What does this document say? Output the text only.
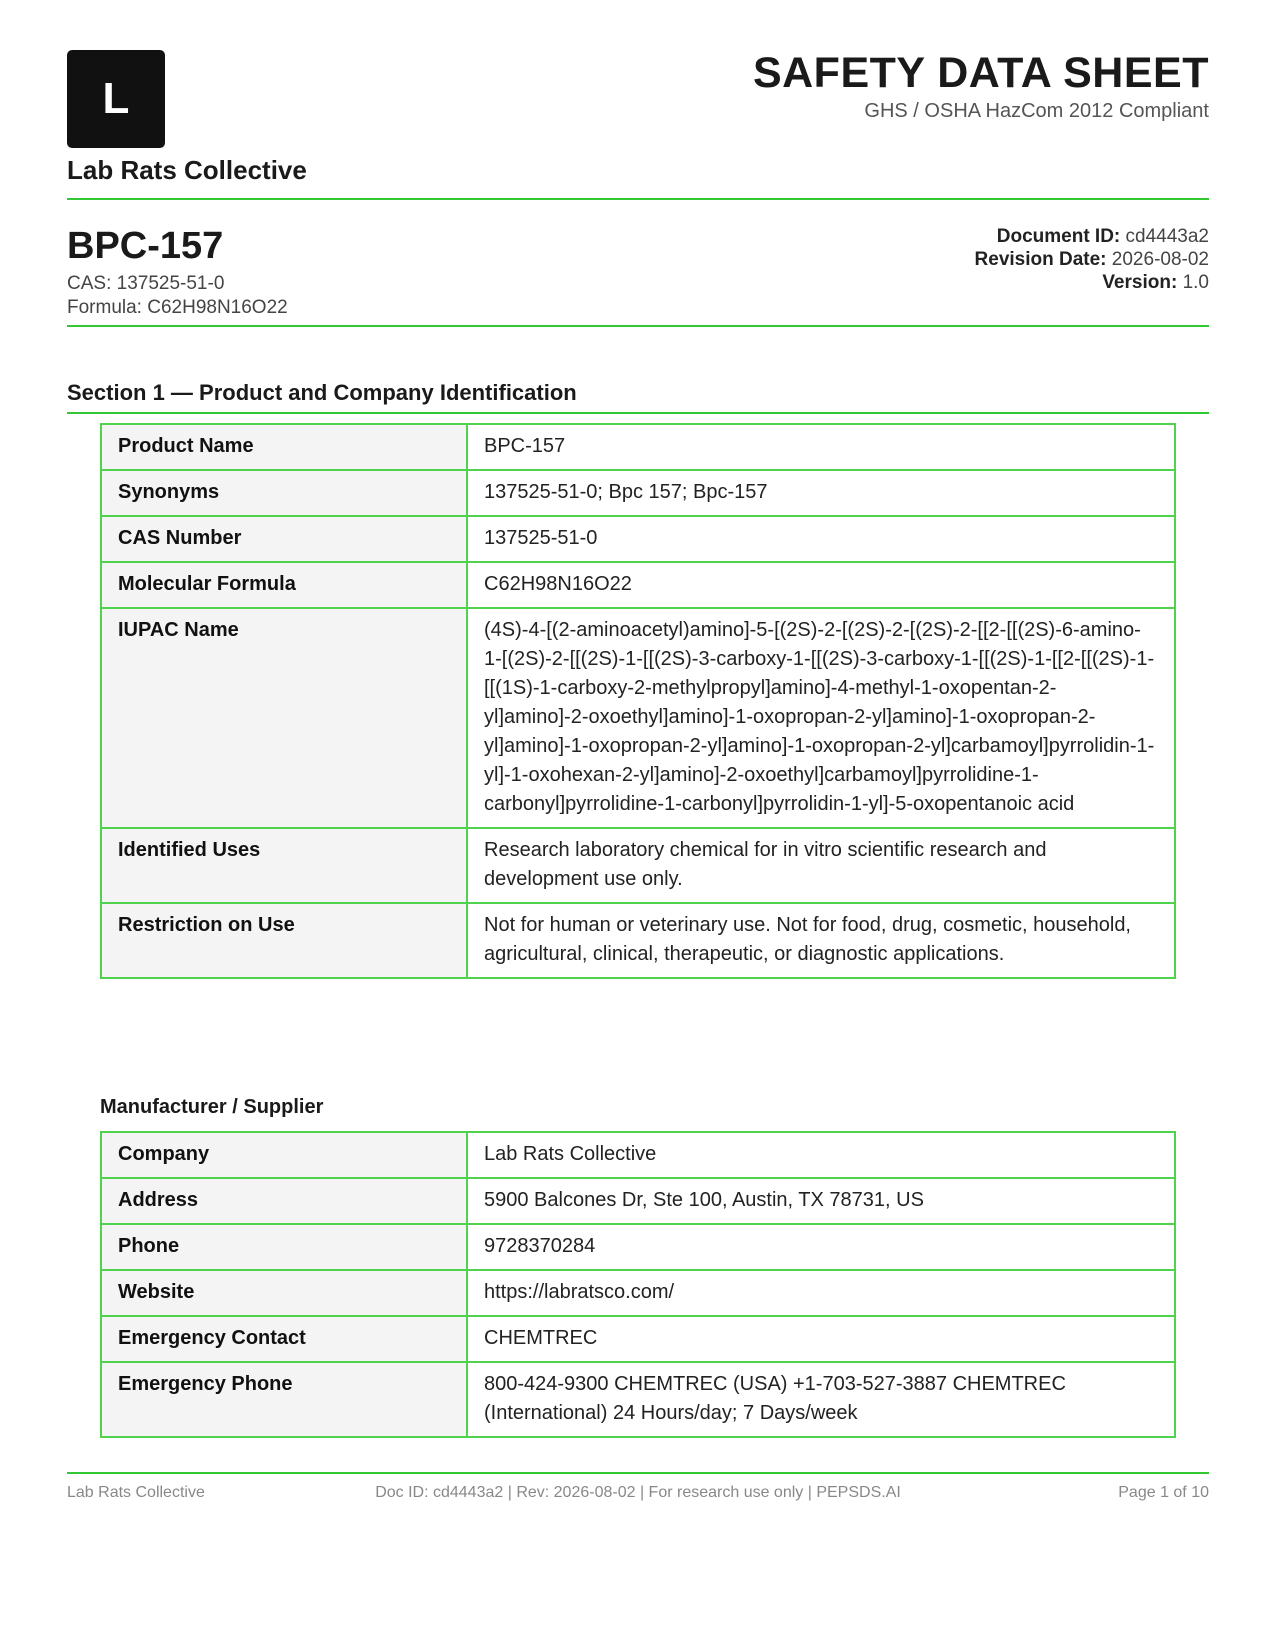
L
Lab Rats Collective
SAFETY DATA SHEET
GHS / OSHA HazCom 2012 Compliant
BPC-157
CAS: 137525-51-0
Formula: C62H98N16O22
Document ID: cd4443a2
Revision Date: 2026-08-02
Version: 1.0
Section 1 — Product and Company Identification
Product Name	BPC-157
Synonyms	137525-51-0; Bpc 157; Bpc-157
CAS Number	137525-51-0
Molecular Formula	C62H98N16O22
IUPAC Name	(4S)-4-[(2-aminoacetyl)amino]-5-[(2S)-2-[(2S)-2-[(2S)-2-[[2-[[(2S)-6-amino-1-[(2S)-2-[[(2S)-1-[[(2S)-3-carboxy-1-[[(2S)-3-carboxy-1-[[(2S)-1-[[2-[[(2S)-1-[[(1S)-1-carboxy-2-methylpropyl]amino]-4-methyl-1-oxopentan-2-yl]amino]-2-oxoethyl]amino]-1-oxopropan-2-yl]amino]-1-oxopropan-2-yl]amino]-1-oxopropan-2-yl]amino]-1-oxopropan-2-yl]carbamoyl]pyrrolidin-1-yl]-1-oxohexan-2-yl]amino]-2-oxoethyl]carbamoyl]pyrrolidine-1-carbonyl]pyrrolidine-1-carbonyl]pyrrolidin-1-yl]-5-oxopentanoic acid
Identified Uses	Research laboratory chemical for in vitro scientific research and development use only.
Restriction on Use	Not for human or veterinary use. Not for food, drug, cosmetic, household, agricultural, clinical, therapeutic, or diagnostic applications.
Manufacturer / Supplier
Company	Lab Rats Collective
Address	5900 Balcones Dr, Ste 100, Austin, TX 78731, US
Phone	9728370284
Website	https://labratsco.com/
Emergency Contact	CHEMTREC
Emergency Phone	800-424-9300 CHEMTREC (USA) +1-703-527-3887 CHEMTREC (International) 24 Hours/day; 7 Days/week
Lab Rats Collective	Doc ID: cd4443a2 | Rev: 2026-08-02 | For research use only | PEPSDS.AI	Page 1 of 10
